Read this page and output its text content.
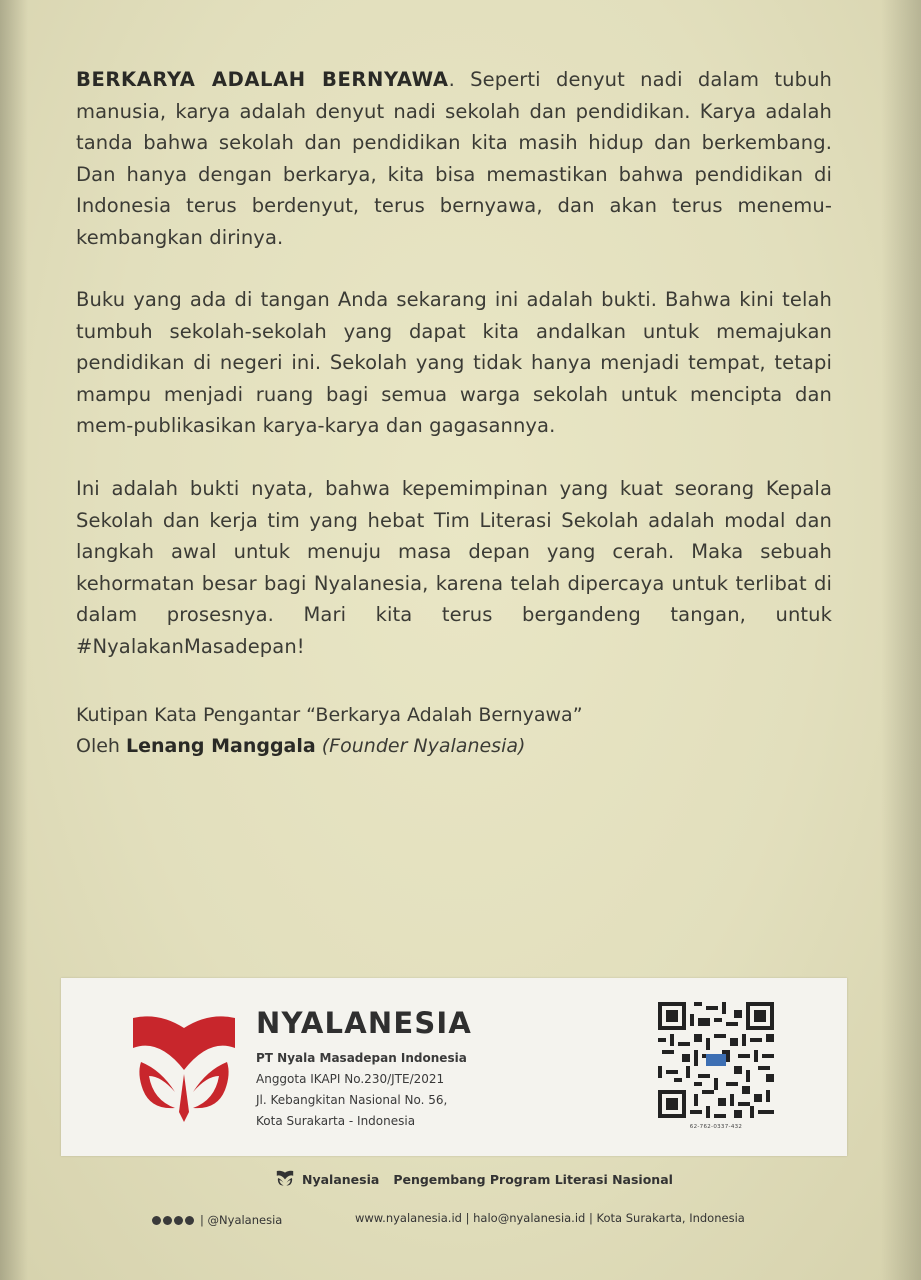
BERKARYA ADALAH BERNYAWA. Seperti denyut nadi dalam tubuh manusia, karya adalah denyut nadi sekolah dan pendidikan. Karya adalah tanda bahwa sekolah dan pendidikan kita masih hidup dan berkembang. Dan hanya dengan berkarya, kita bisa memastikan bahwa pendidikan di Indonesia terus berdenyut, terus bernyawa, dan akan terus menemu-kembangkan dirinya.
Buku yang ada di tangan Anda sekarang ini adalah bukti. Bahwa kini telah tumbuh sekolah-sekolah yang dapat kita andalkan untuk memajukan pendidikan di negeri ini. Sekolah yang tidak hanya menjadi tempat, tetapi mampu menjadi ruang bagi semua warga sekolah untuk mencipta dan mem-publikasikan karya-karya dan gagasannya.
Ini adalah bukti nyata, bahwa kepemimpinan yang kuat seorang Kepala Sekolah dan kerja tim yang hebat Tim Literasi Sekolah adalah modal dan langkah awal untuk menuju masa depan yang cerah. Maka sebuah kehormatan besar bagi Nyalanesia, karena telah dipercaya untuk terlibat di dalam prosesnya. Mari kita terus bergandeng tangan, untuk #NyalakanMasadepan!
Kutipan Kata Pengantar “Berkarya Adalah Bernyawa”
Oleh Lenang Manggala (Founder Nyalanesia)
NYALANESIA
PT Nyala Masadepan Indonesia
Anggota IKAPI No.230/JTE/2021
Jl. Kebangkitan Nasional No. 56,
Kota Surakarta - Indonesia	62-762-0337-432
Nyalanesia Pengembang Program Literasi Nasional
| @Nyalanesia	www.nyalanesia.id | halo@nyalanesia.id | Kota Surakarta, Indonesia
